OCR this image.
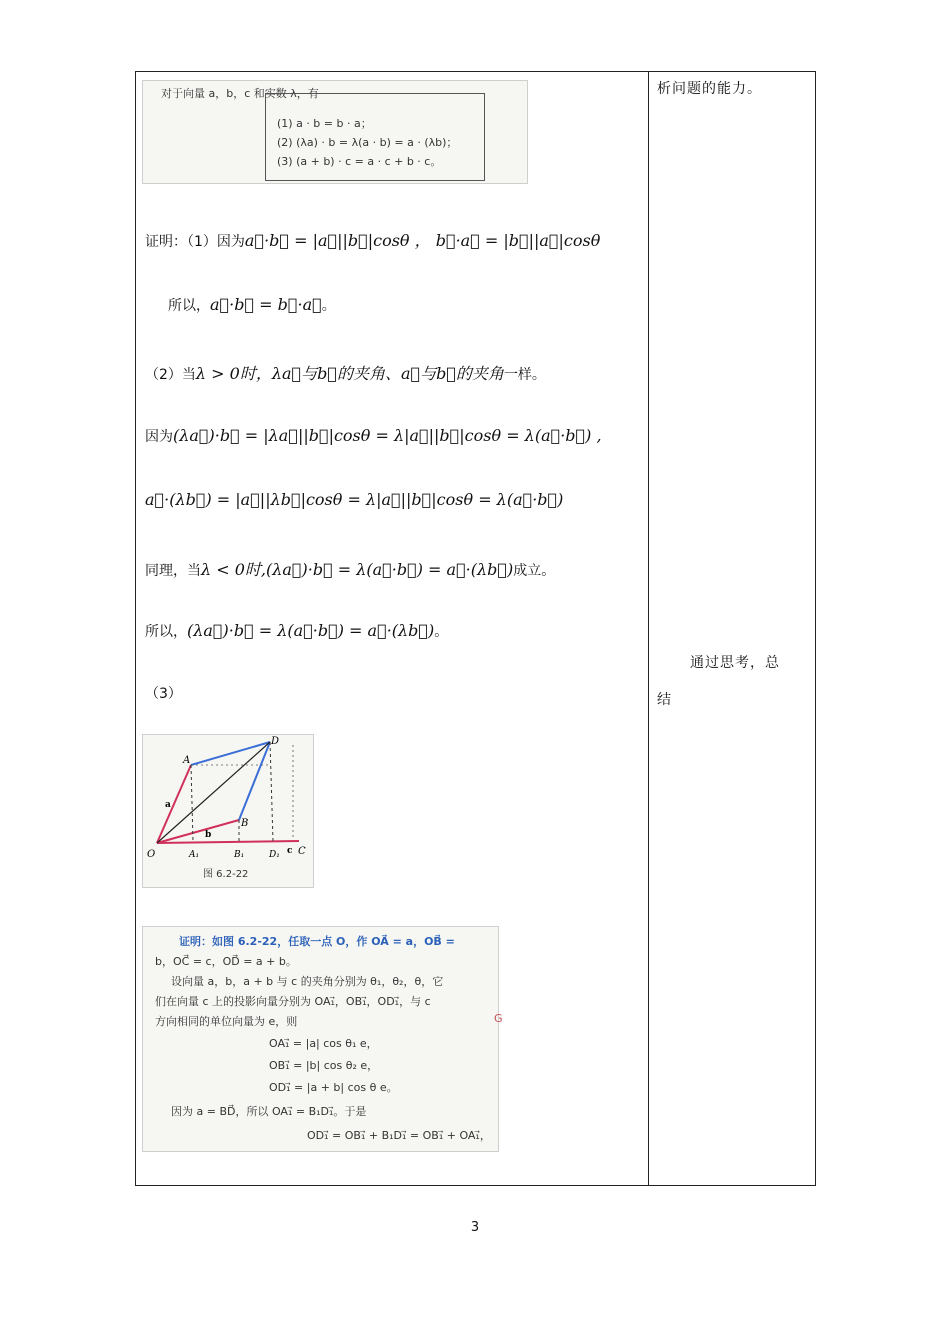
析问题的能力。
通过思考，总
结
对于向量 a，b，c 和实数 λ，有
(1) a · b = b · a；
(2) (λa) · b = λ(a · b) = a · (λb)；
(3) (a + b) · c = a · c + b · c。
证明：（1）因为a⃗·b⃗ = |a⃗||b⃗|cosθ ， b⃗·a⃗ = |b⃗||a⃗|cosθ
所以，a⃗·b⃗ = b⃗·a⃗。
（2）当λ > 0时，λa⃗与b⃗的夹角、a⃗与b⃗的夹角一样。
因为(λa⃗)·b⃗ = |λa⃗||b⃗|cosθ = λ|a⃗||b⃗|cosθ = λ(a⃗·b⃗) ,
a⃗·(λb⃗) = |a⃗||λb⃗|cosθ = λ|a⃗||b⃗|cosθ = λ(a⃗·b⃗)
同理，当λ < 0时,(λa⃗)·b⃗ = λ(a⃗·b⃗) = a⃗·(λb⃗)成立。
所以，(λa⃗)·b⃗ = λ(a⃗·b⃗) = a⃗·(λb⃗)。
（3）
O
A
B
D
C
A₁	B₁	D₁
a
b
c
图 6.2-22
证明：如图 6.2-22，任取一点 O，作 OA⃗ = a，OB⃗ =
b，OC⃗ = c，OD⃗ = a + b。
设向量 a，b，a + b 与 c 的夹角分别为 θ₁，θ₂，θ，它
们在向量 c 上的投影向量分别为 OA₁⃗，OB₁⃗，OD₁⃗，与 c
方向相同的单位向量为 e，则
OA₁⃗ = |a| cos θ₁ e，
OB₁⃗ = |b| cos θ₂ e，
OD₁⃗ = |a + b| cos θ e。
因为 a = BD⃗，所以 OA₁⃗ = B₁D₁⃗。于是
OD₁⃗ = OB₁⃗ + B₁D₁⃗ = OB₁⃗ + OA₁⃗，
G
3
